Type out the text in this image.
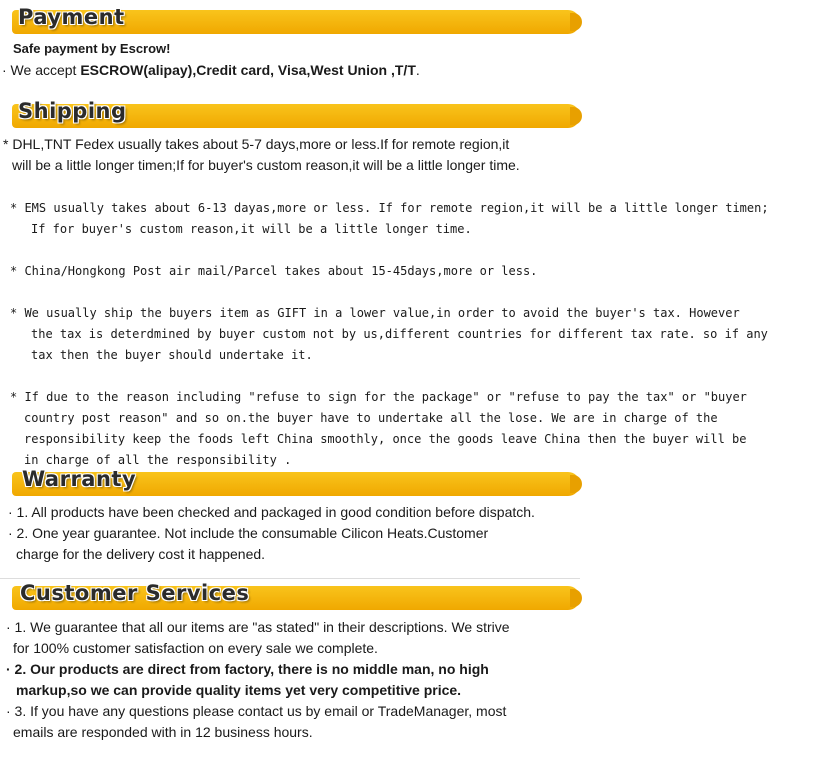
Payment
Safe payment by Escrow!
· We accept ESCROW(alipay),Credit card, Visa,West Union ,T/T.
Shipping
* DHL,TNT Fedex usually takes about 5-7 days,more or less.If for remote region,it
will be a little longer timen;If for buyer's custom reason,it will be a little longer time.
* EMS usually takes about 6-13 dayas,more or less. If for remote region,it will be a little longer timen;
If for buyer's custom reason,it will be a little longer time.
* China/Hongkong Post air mail/Parcel takes about 15-45days,more or less.
* We usually ship the buyers item as GIFT in a lower value,in order to avoid the buyer's tax. However
the tax is deterdmined by buyer custom not by us,different countries for different tax rate. so if any
tax then the buyer should undertake it.
* If due to the reason including "refuse to sign for the package" or "refuse to pay the tax" or "buyer
country post reason" and so on.the buyer have to undertake all the lose. We are in charge of the
responsibility keep the foods left China smoothly, once the goods leave China then the buyer will be
in charge of all the responsibility .
Warranty
· 1. All products have been checked and packaged in good condition before dispatch.
· 2. One year guarantee. Not include the consumable Cilicon Heats.Customer
charge for the delivery cost it happened.
Customer Services
· 1. We guarantee that all our items are "as stated" in their descriptions. We strive
for 100% customer satisfaction on every sale we complete.
· 2. Our products are direct from factory, there is no middle man, no high
markup,so we can provide quality items yet very competitive price.
· 3. If you have any questions please contact us by email or TradeManager, most
emails are responded with in 12 business hours.
